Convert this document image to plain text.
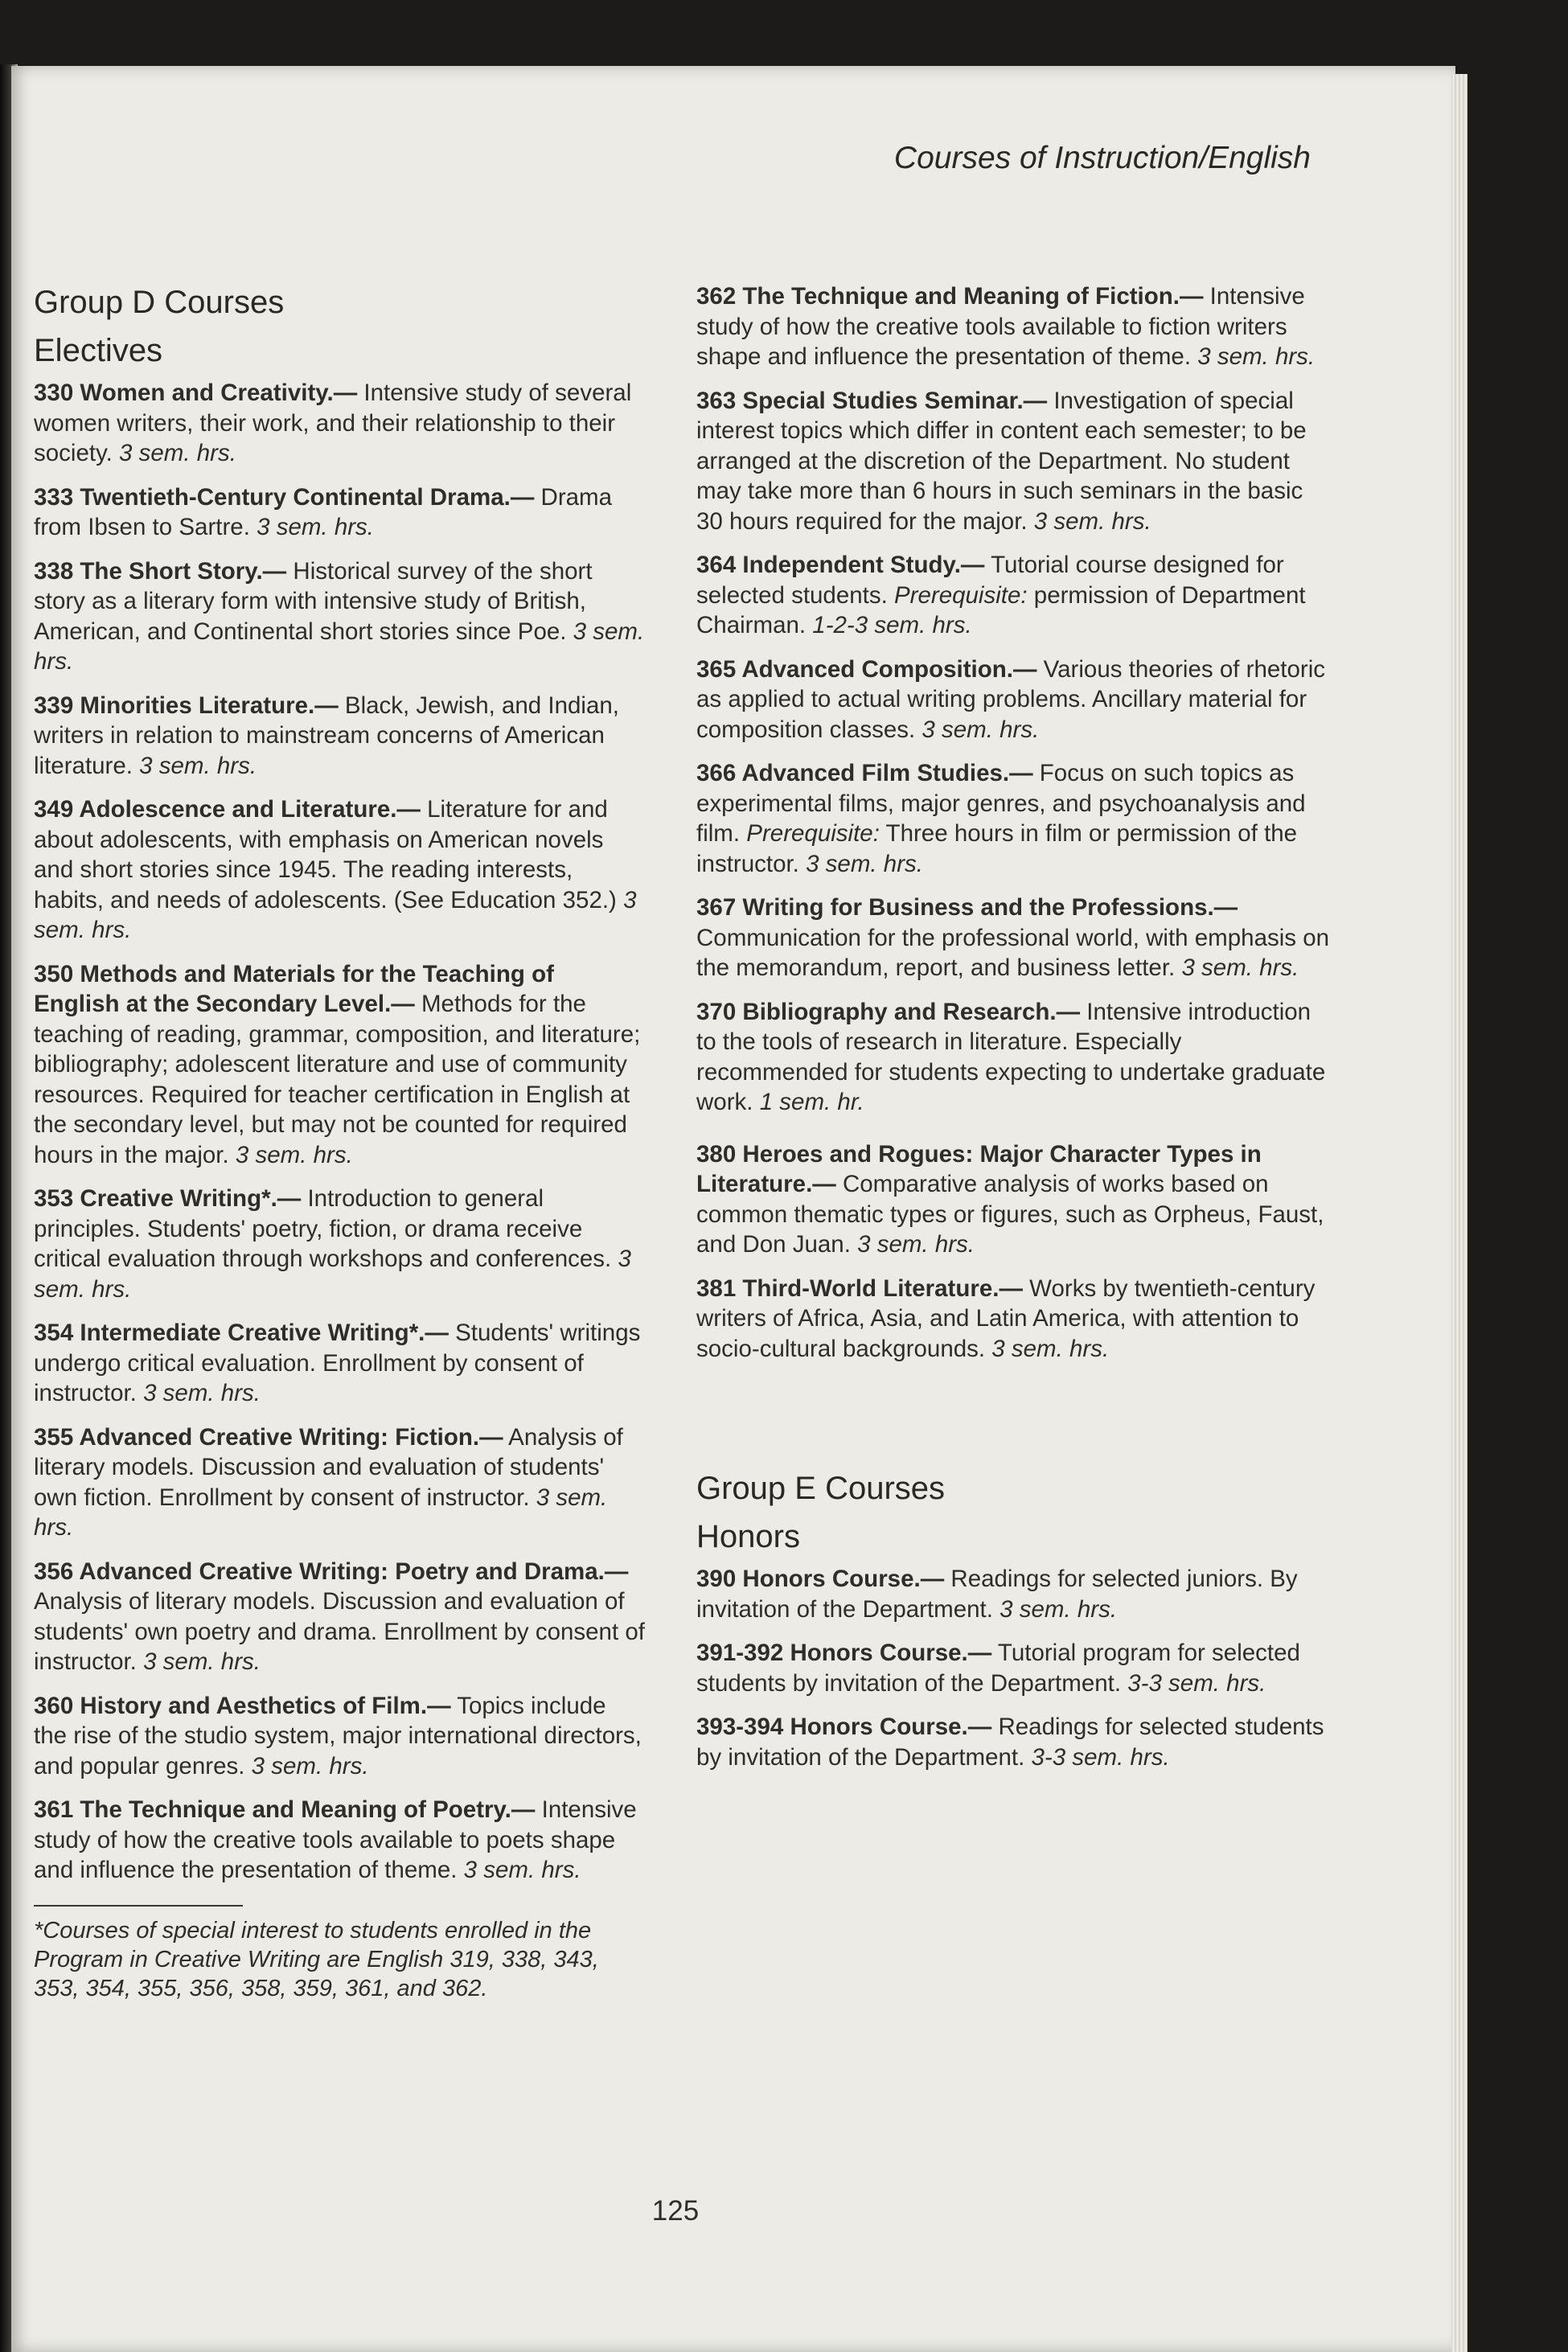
Courses of Instruction/English
Group D Courses
Electives
330 Women and Creativity.— Intensive study of several women writers, their work, and their relationship to their society. 3 sem. hrs.
333 Twentieth-Century Continental Drama.— Drama from Ibsen to Sartre. 3 sem. hrs.
338 The Short Story.— Historical survey of the short story as a literary form with intensive study of British, American, and Continental short stories since Poe. 3 sem. hrs.
339 Minorities Literature.— Black, Jewish, and Indian, writers in relation to mainstream concerns of American literature. 3 sem. hrs.
349 Adolescence and Literature.— Literature for and about adolescents, with emphasis on American novels and short stories since 1945. The reading interests, habits, and needs of adolescents. (See Education 352.) 3 sem. hrs.
350 Methods and Materials for the Teaching of English at the Secondary Level.— Methods for the teaching of reading, grammar, composition, and literature; bibliography; adolescent literature and use of community resources. Required for teacher certification in English at the secondary level, but may not be counted for required hours in the major. 3 sem. hrs.
353 Creative Writing*.— Introduction to general principles. Students' poetry, fiction, or drama receive critical evaluation through workshops and conferences. 3 sem. hrs.
354 Intermediate Creative Writing*.— Students' writings undergo critical evaluation. Enrollment by consent of instructor. 3 sem. hrs.
355 Advanced Creative Writing: Fiction.— Analysis of literary models. Discussion and evaluation of students' own fiction. Enrollment by consent of instructor. 3 sem. hrs.
356 Advanced Creative Writing: Poetry and Drama.— Analysis of literary models. Discussion and evaluation of students' own poetry and drama. Enrollment by consent of instructor. 3 sem. hrs.
360 History and Aesthetics of Film.— Topics include the rise of the studio system, major international directors, and popular genres. 3 sem. hrs.
361 The Technique and Meaning of Poetry.— Intensive study of how the creative tools available to poets shape and influence the presentation of theme. 3 sem. hrs.
*Courses of special interest to students enrolled in the Program in Creative Writing are English 319, 338, 343, 353, 354, 355, 356, 358, 359, 361, and 362.
362 The Technique and Meaning of Fiction.— Intensive study of how the creative tools available to fiction writers shape and influence the presentation of theme. 3 sem. hrs.
363 Special Studies Seminar.— Investigation of special interest topics which differ in content each semester; to be arranged at the discretion of the Department. No student may take more than 6 hours in such seminars in the basic 30 hours required for the major. 3 sem. hrs.
364 Independent Study.— Tutorial course designed for selected students. Prerequisite: permission of Department Chairman. 1-2-3 sem. hrs.
365 Advanced Composition.— Various theories of rhetoric as applied to actual writing problems. Ancillary material for composition classes. 3 sem. hrs.
366 Advanced Film Studies.— Focus on such topics as experimental films, major genres, and psychoanalysis and film. Prerequisite: Three hours in film or permission of the instructor. 3 sem. hrs.
367 Writing for Business and the Professions.— Communication for the professional world, with emphasis on the memorandum, report, and business letter. 3 sem. hrs.
370 Bibliography and Research.— Intensive introduction to the tools of research in literature. Especially recommended for students expecting to undertake graduate work. 1 sem. hr.
380 Heroes and Rogues: Major Character Types in Literature.— Comparative analysis of works based on common thematic types or figures, such as Orpheus, Faust, and Don Juan. 3 sem. hrs.
381 Third-World Literature.— Works by twentieth-century writers of Africa, Asia, and Latin America, with attention to socio-cultural backgrounds. 3 sem. hrs.
Group E Courses
Honors
390 Honors Course.— Readings for selected juniors. By invitation of the Department. 3 sem. hrs.
391-392 Honors Course.— Tutorial program for selected students by invitation of the Department. 3-3 sem. hrs.
393-394 Honors Course.— Readings for selected students by invitation of the Department. 3-3 sem. hrs.
125
